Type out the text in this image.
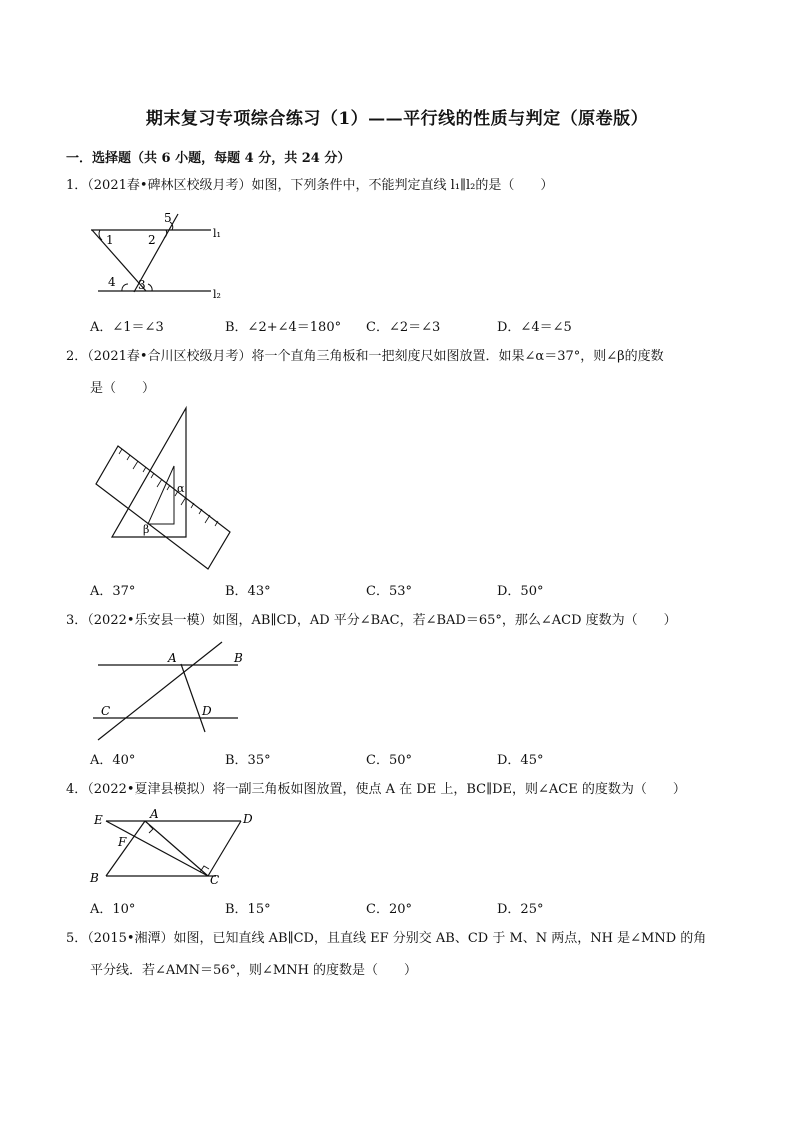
期末复习专项综合练习（1）——平行线的性质与判定（原卷版）
一．选择题（共 6 小题，每题 4 分，共 24 分）
1．（2021春•碑林区校级月考）如图，下列条件中，不能判定直线 l₁∥l₂的是（　　）
1	2
3
4
5
l₁
l₂
A．∠1＝∠3	B．∠2+∠4＝180° C．∠2＝∠3	D．∠4＝∠5
2．（2021春•合川区校级月考）将一个直角三角板和一把刻度尺如图放置．如果∠α＝37°，则∠β的度数
是（　　）
α
β
A．37°	B．43°	C．53°	D．50°
3．（2022•乐安县一模）如图，AB∥CD，AD 平分∠BAC，若∠BAD＝65°，那么∠ACD 度数为（　　）
A	B
C	D
A．40°	B．35°	C．50°	D．45°
4．（2022•夏津县模拟）将一副三角板如图放置，使点 A 在 DE 上，BC∥DE，则∠ACE 的度数为（　　）
E	A	D
F
B	C
A．10°	B．15°	C．20°	D．25°
5．（2015•湘潭）如图，已知直线 AB∥CD，且直线 EF 分别交 AB、CD 于 M、N 两点，NH 是∠MND 的角
平分线．若∠AMN＝56°，则∠MNH 的度数是（　　）
